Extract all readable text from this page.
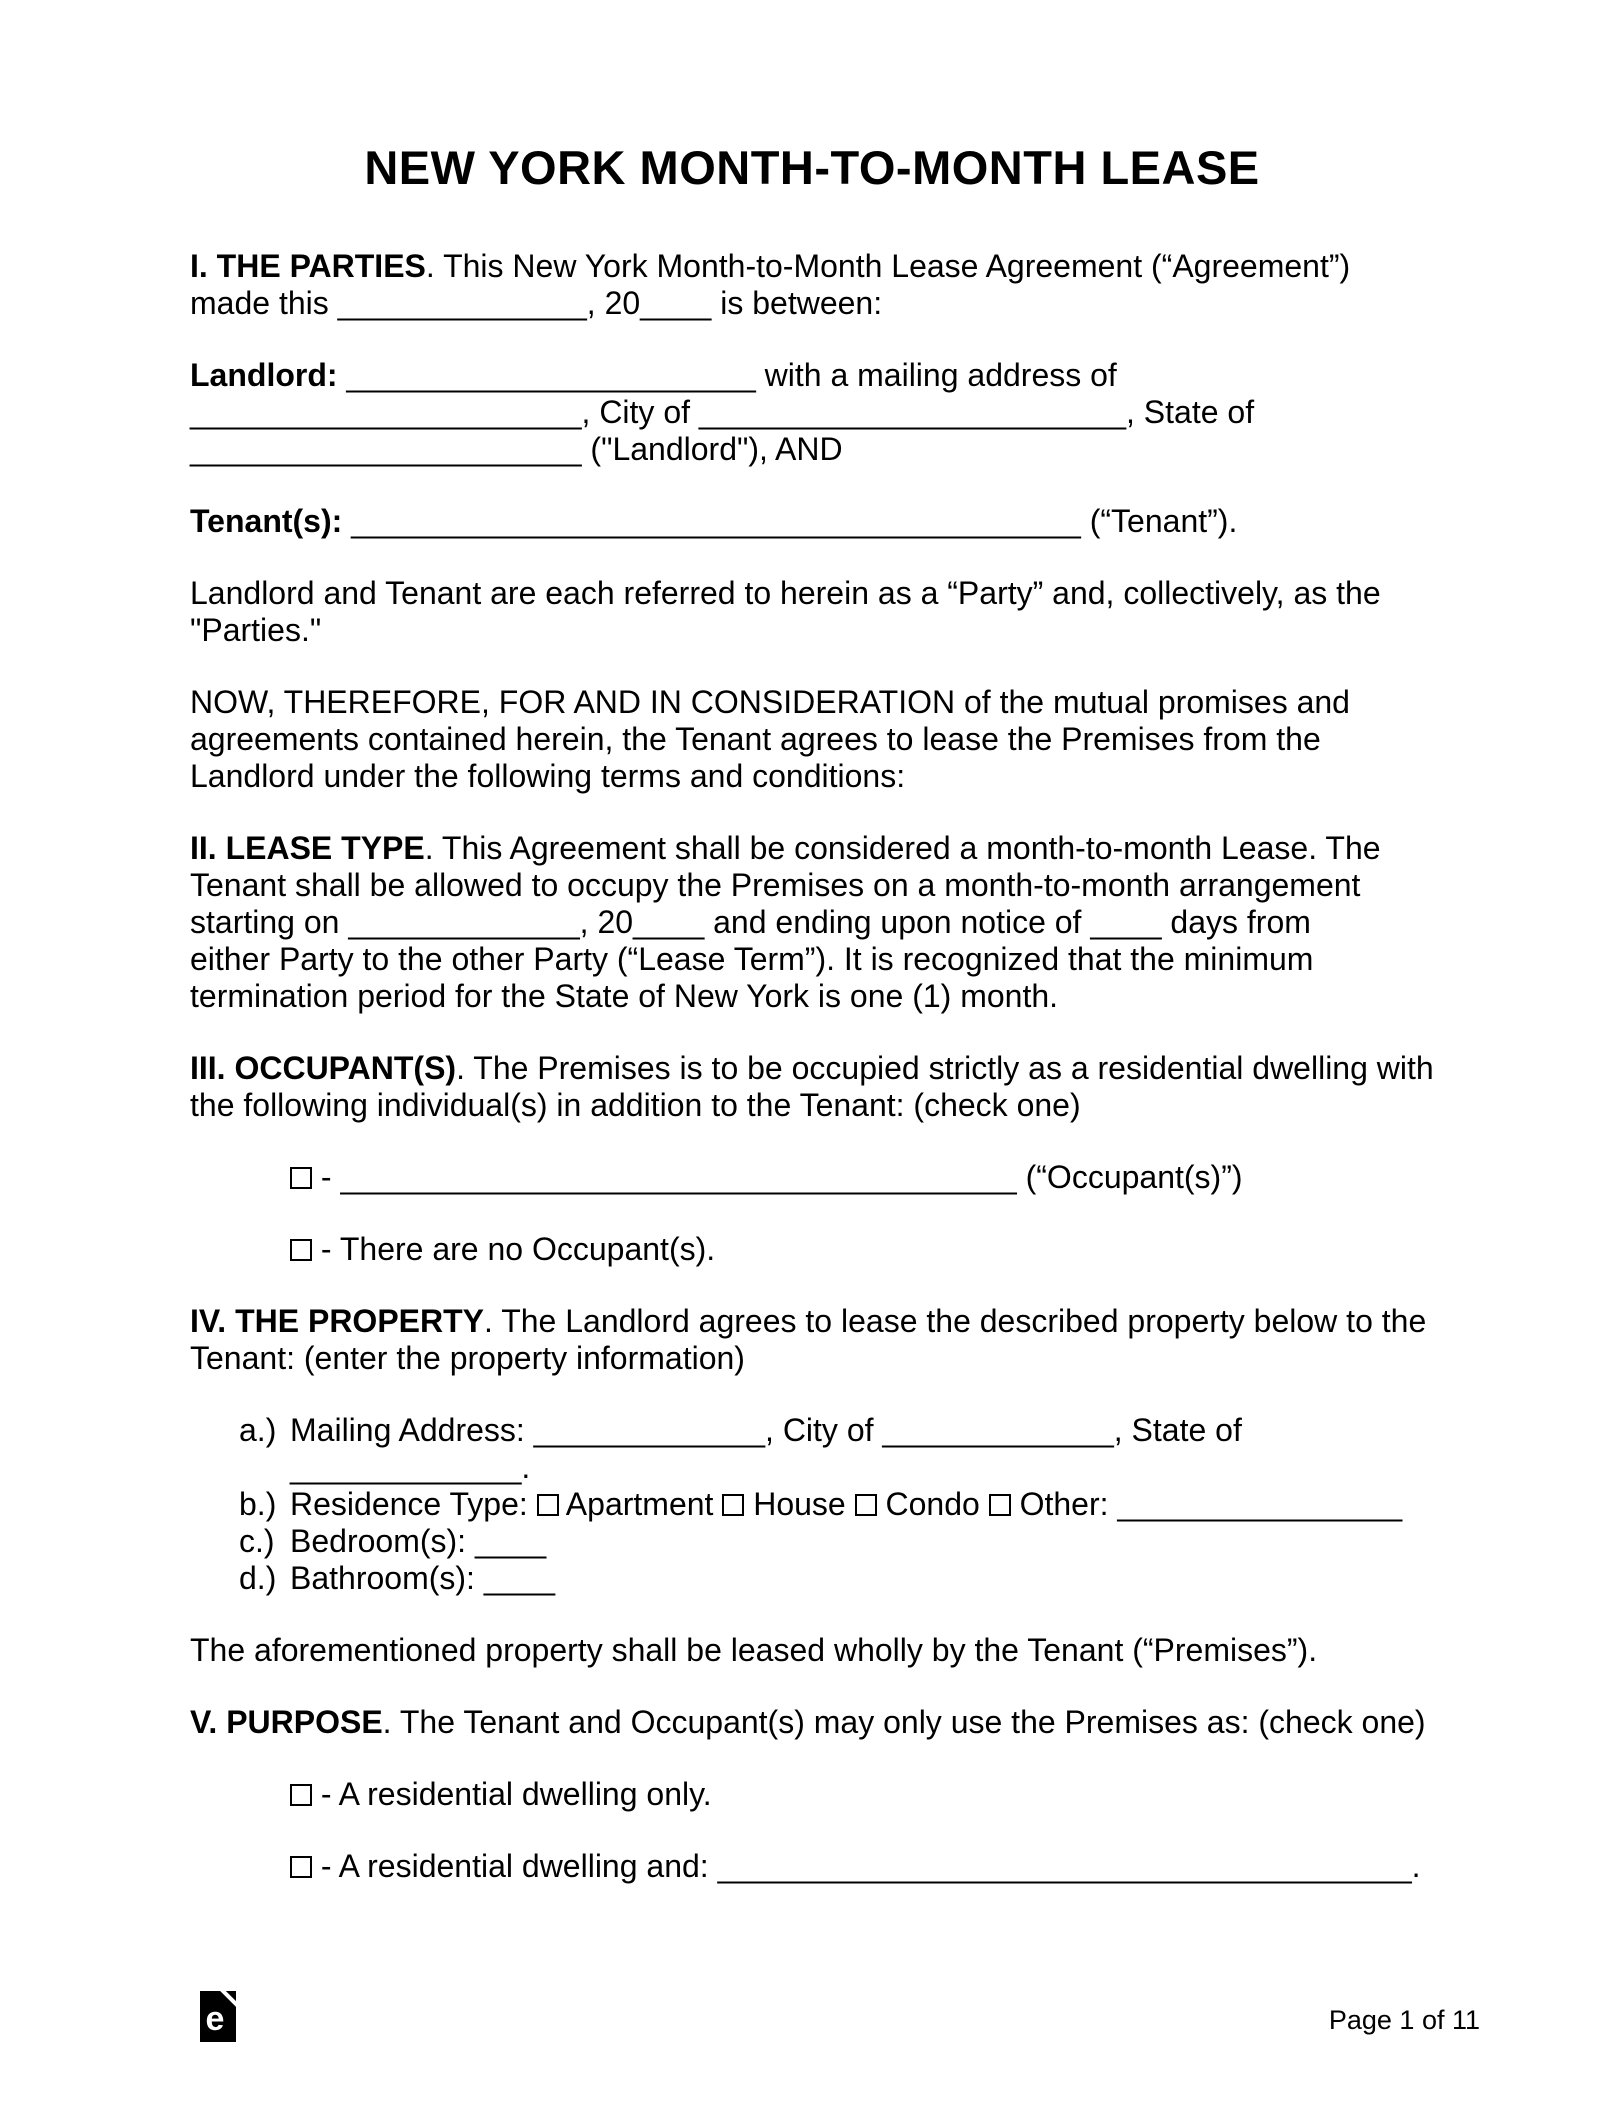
NEW YORK MONTH-TO-MONTH LEASE
I. THE PARTIES. This New York Month-to-Month Lease Agreement (“Agreement”)
made this ______________, 20____ is between:
Landlord: _______________________ with a mailing address of
______________________, City of ________________________, State of
______________________ ("Landlord"), AND
Tenant(s): _________________________________________ (“Tenant”).
Landlord and Tenant are each referred to herein as a “Party” and, collectively, as the
"Parties."
NOW, THEREFORE, FOR AND IN CONSIDERATION of the mutual promises and
agreements contained herein, the Tenant agrees to lease the Premises from the
Landlord under the following terms and conditions:
II. LEASE TYPE. This Agreement shall be considered a month-to-month Lease. The
Tenant shall be allowed to occupy the Premises on a month-to-month arrangement
starting on _____________, 20____ and ending upon notice of ____ days from
either Party to the other Party (“Lease Term”). It is recognized that the minimum
termination period for the State of New York is one (1) month.
III. OCCUPANT(S). The Premises is to be occupied strictly as a residential dwelling with
the following individual(s) in addition to the Tenant: (check one)
- ______________________________________ (“Occupant(s)”)
- There are no Occupant(s).
IV. THE PROPERTY. The Landlord agrees to lease the described property below to the
Tenant: (enter the property information)
a.) Mailing Address: _____________, City of _____________, State of
_____________.
b.) Residence Type:  Apartment  House  Condo  Other: ________________
c.) Bedroom(s): ____
d.) Bathroom(s): ____
The aforementioned property shall be leased wholly by the Tenant (“Premises”).
V. PURPOSE. The Tenant and Occupant(s) may only use the Premises as: (check one)
- A residential dwelling only.
- A residential dwelling and: _______________________________________.
e	Page 1 of 11
